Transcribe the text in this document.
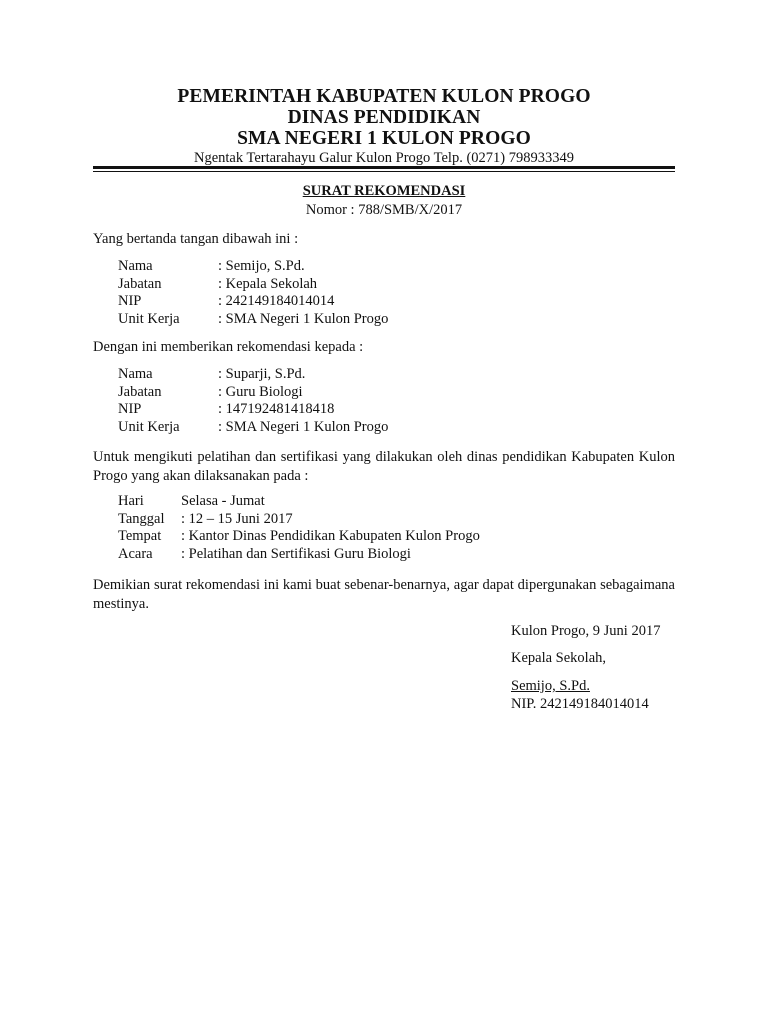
PEMERINTAH KABUPATEN KULON PROGO
DINAS PENDIDIKAN
SMA NEGERI 1 KULON PROGO
Ngentak Tertarahayu Galur Kulon Progo Telp. (0271) 798933349
SURAT REKOMENDASI
Nomor : 788/SMB/X/2017
Yang bertanda tangan dibawah ini :
Nama	: Semijo, S.Pd.
Jabatan	: Kepala Sekolah
NIP	: 242149184014014
Unit Kerja	: SMA Negeri 1 Kulon Progo
Dengan ini memberikan rekomendasi kepada :
Nama	: Suparji, S.Pd.
Jabatan	: Guru Biologi
NIP	: 147192481418418
Unit Kerja	: SMA Negeri 1 Kulon Progo
Untuk mengikuti pelatihan dan sertifikasi yang dilakukan oleh dinas pendidikan Kabupaten Kulon Progo yang akan dilaksanakan pada :
Hari	Selasa - Jumat
Tanggal	: 12 – 15 Juni 2017
Tempat	: Kantor Dinas Pendidikan Kabupaten Kulon Progo
Acara	: Pelatihan dan Sertifikasi Guru Biologi
Demikian surat rekomendasi ini kami buat sebenar-benarnya, agar dapat dipergunakan sebagaimana mestinya.
Kulon Progo, 9 Juni 2017
Kepala Sekolah,
Semijo, S.Pd.
NIP. 242149184014014
